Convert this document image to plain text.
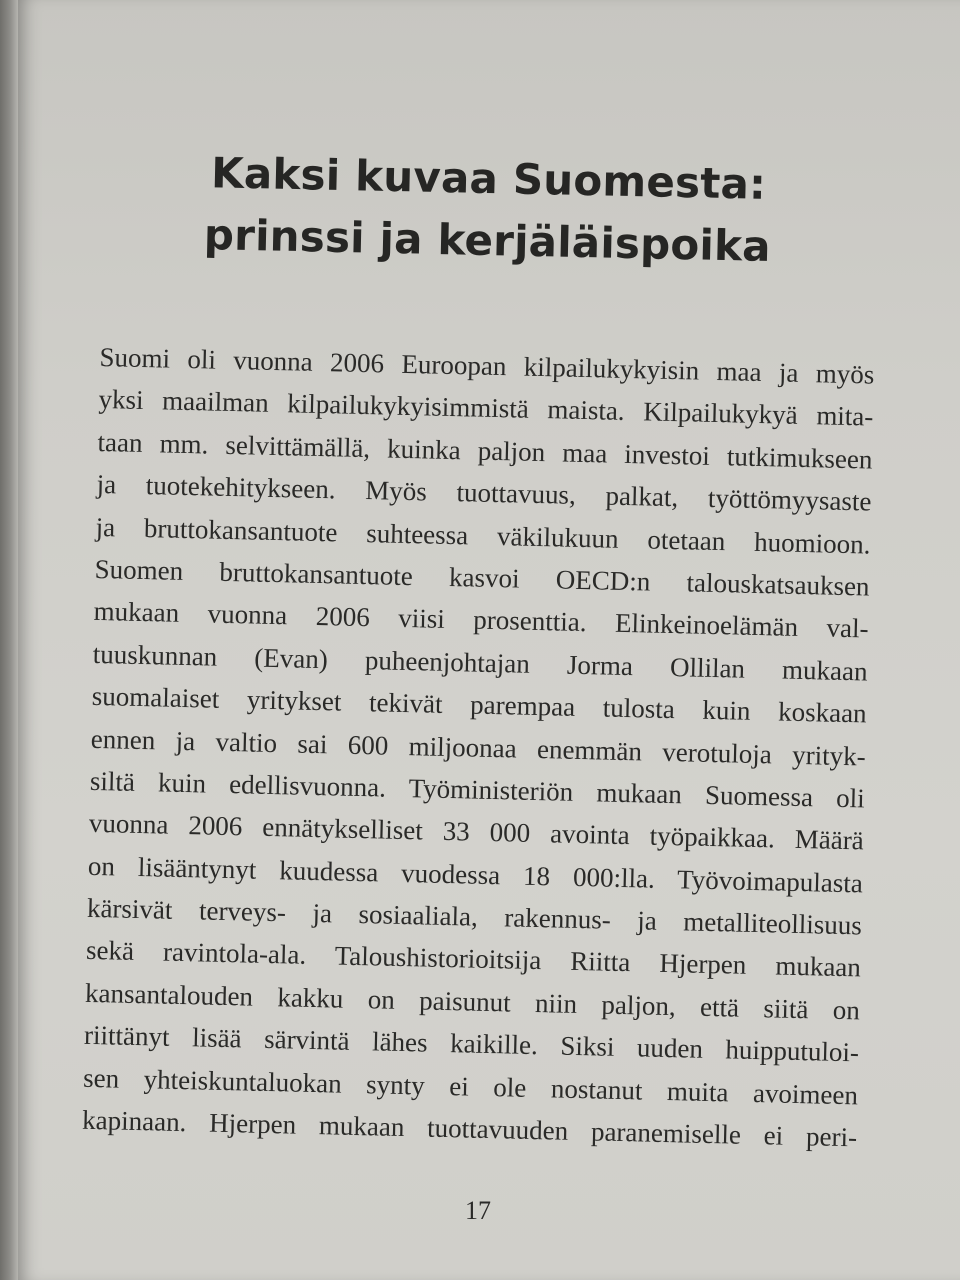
Kaksi kuvaa Suomesta:
prinssi ja kerjäläispoika
Suomi oli vuonna 2006 Euroopan kilpailukykyisin maa ja myös
yksi maailman kilpailukykyisimmistä maista. Kilpailukykyä mita-
taan mm. selvittämällä, kuinka paljon maa investoi tutkimukseen
ja tuotekehitykseen. Myös tuottavuus, palkat, työttömyysaste
ja bruttokansantuote suhteessa väkilukuun otetaan huomioon.
Suomen bruttokansantuote kasvoi OECD:n talouskatsauksen
mukaan vuonna 2006 viisi prosenttia. Elinkeinoelämän val-
tuuskunnan (Evan) puheenjohtajan Jorma Ollilan mukaan
suomalaiset yritykset tekivät parempaa tulosta kuin koskaan
ennen ja valtio sai 600 miljoonaa enemmän verotuloja yrityk-
siltä kuin edellisvuonna. Työministeriön mukaan Suomessa oli
vuonna 2006 ennätykselliset 33 000 avointa työpaikkaa. Määrä
on lisääntynyt kuudessa vuodessa 18 000:lla. Työvoimapulasta
kärsivät terveys- ja sosiaaliala, rakennus- ja metalliteollisuus
sekä ravintola-ala. Taloushistorioitsija Riitta Hjerpen mukaan
kansantalouden kakku on paisunut niin paljon, että siitä on
riittänyt lisää särvintä lähes kaikille. Siksi uuden huipputuloi-
sen yhteiskuntaluokan synty ei ole nostanut muita avoimeen
kapinaan. Hjerpen mukaan tuottavuuden paranemiselle ei peri-
17
